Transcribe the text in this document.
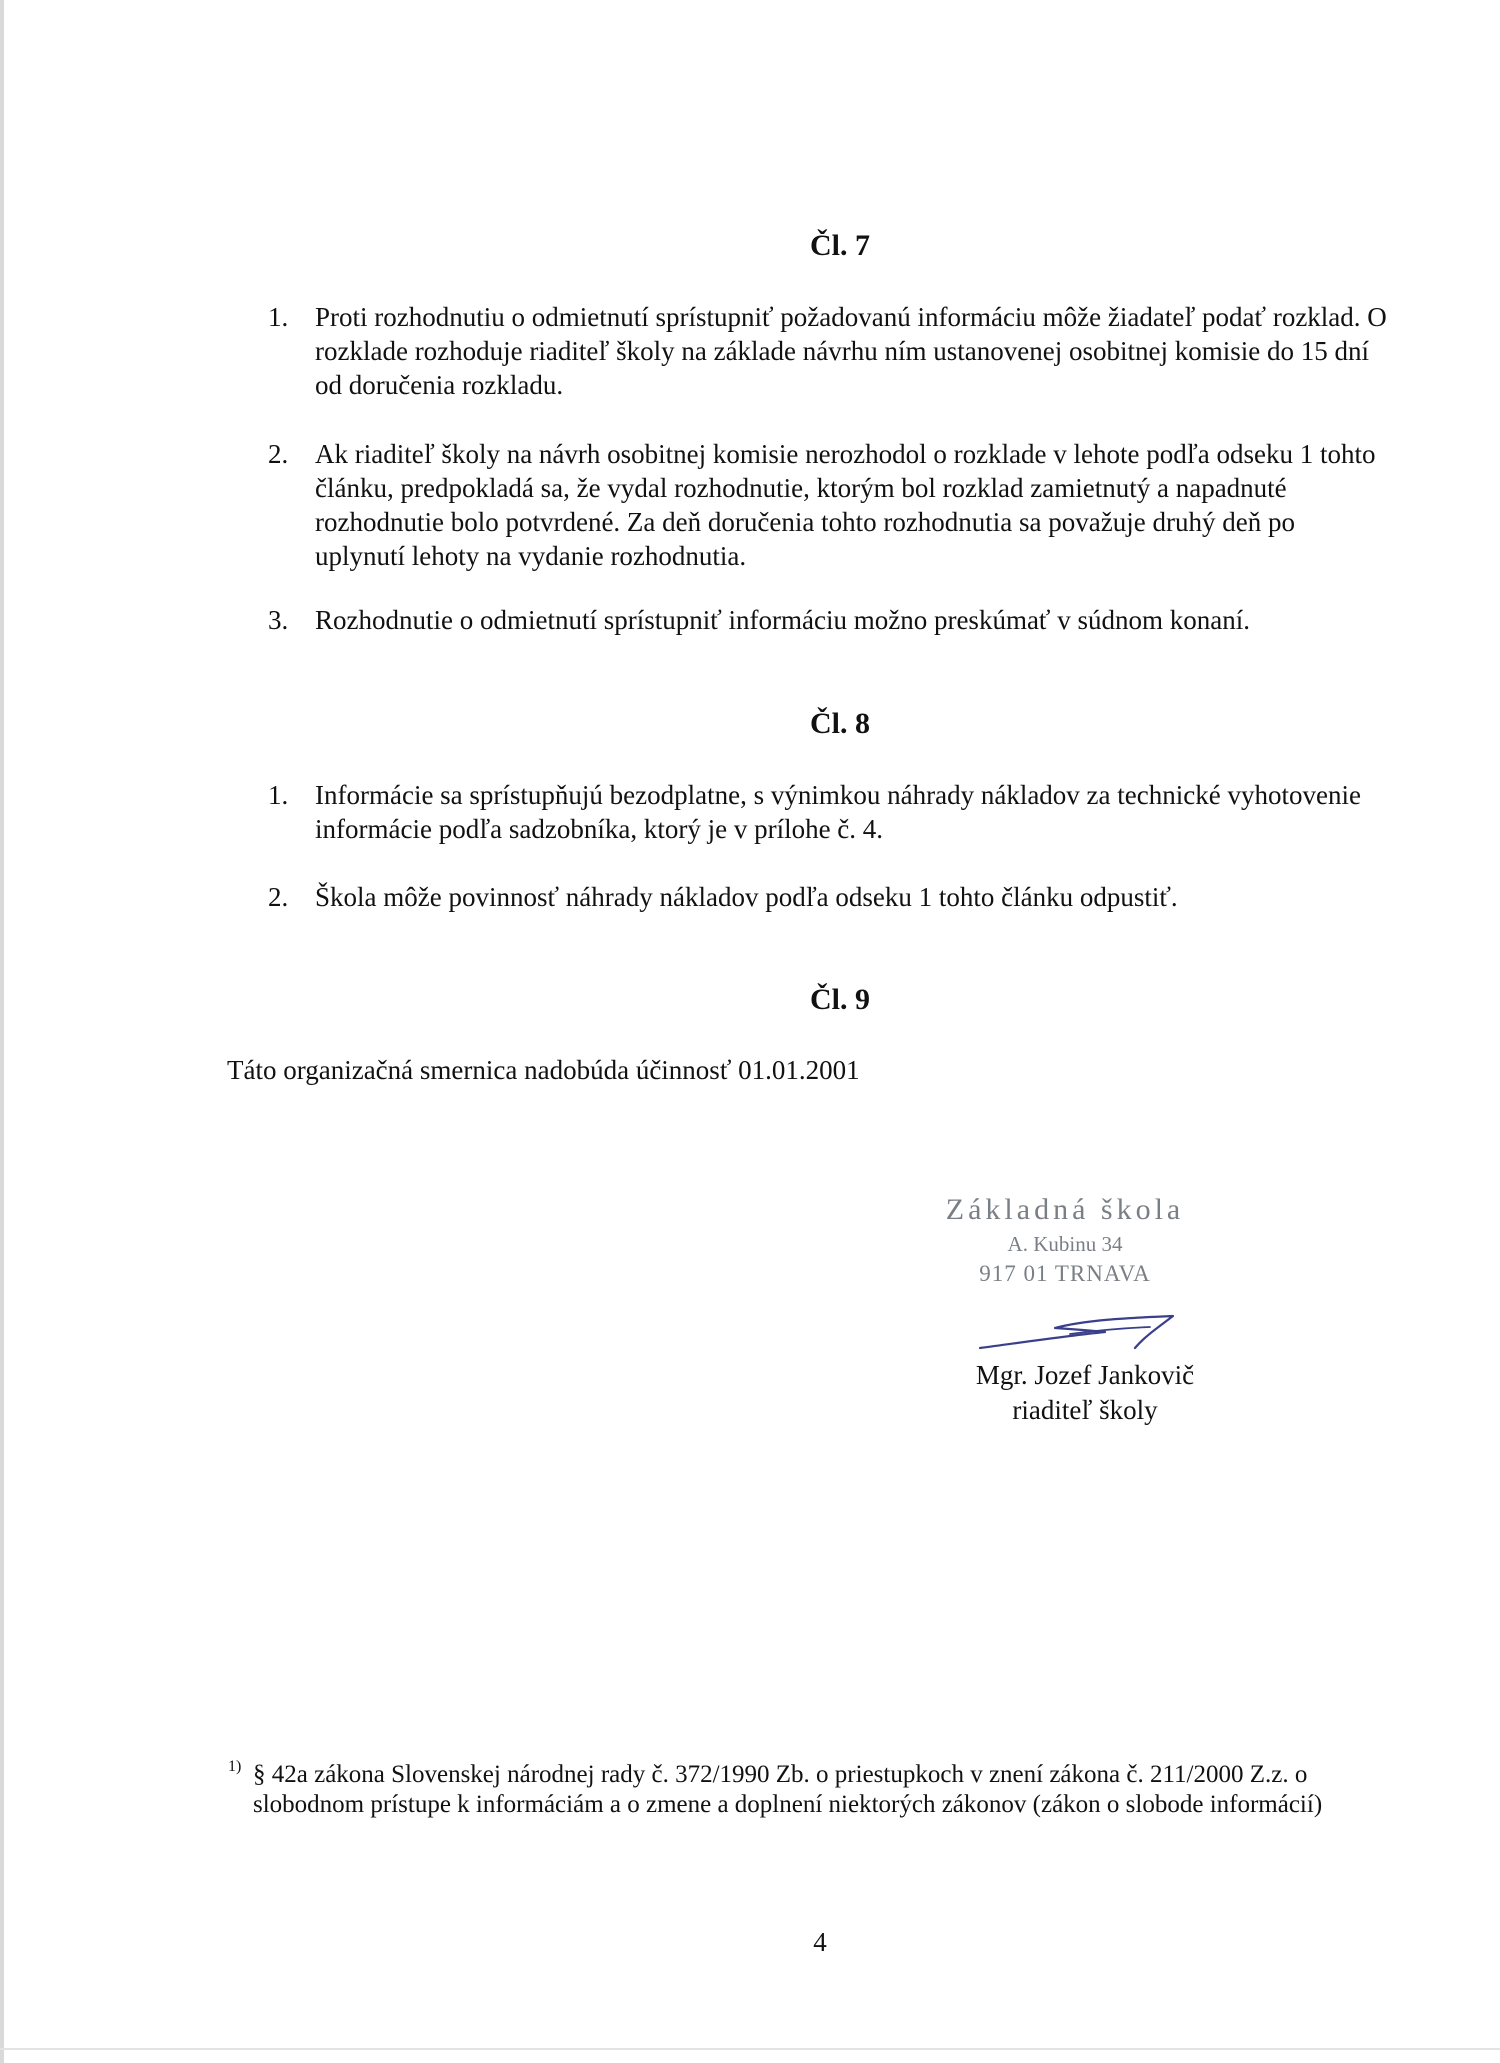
Čl. 7
1. Proti rozhodnutiu o odmietnutí sprístupniť požadovanú informáciu môže žiadateľ podať rozklad. O rozklade rozhoduje riaditeľ školy na základe návrhu ním ustanovenej osobitnej komisie do 15 dní od doručenia rozkladu.
2. Ak riaditeľ školy na návrh osobitnej komisie nerozhodol o rozklade v lehote podľa odseku 1 tohto článku, predpokladá sa, že vydal rozhodnutie, ktorým bol rozklad zamietnutý a napadnuté rozhodnutie bolo potvrdené. Za deň doručenia tohto rozhodnutia sa považuje druhý deň po uplynutí lehoty na vydanie rozhodnutia.
3. Rozhodnutie o odmietnutí sprístupniť informáciu možno preskúmať v súdnom konaní.
Čl. 8
1. Informácie sa sprístupňujú bezodplatne, s výnimkou náhrady nákladov za technické vyhotovenie informácie podľa sadzobníka, ktorý je v prílohe č. 4.
2. Škola môže povinnosť náhrady nákladov podľa odseku 1 tohto článku odpustiť.
Čl. 9
Táto organizačná smernica nadobúda účinnosť 01.01.2001
Základná škola
A. Kubinu 34
917 01 TRNAVA
Mgr. Jozef Jankovič
riaditeľ školy
1) § 42a zákona Slovenskej národnej rady č. 372/1990 Zb. o priestupkoch v znení zákona č. 211/2000 Z.z. o slobodnom prístupe k informáciám a o zmene a doplnení niektorých zákonov (zákon o slobode informácií)
4
